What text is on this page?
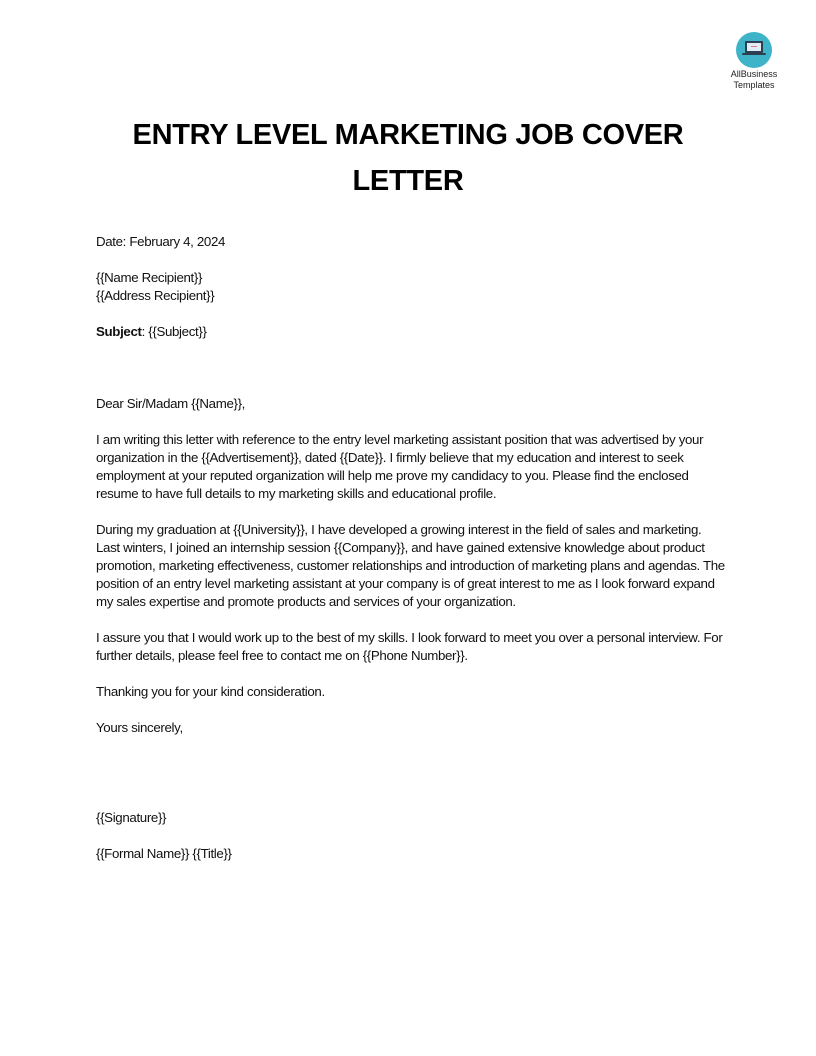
AllBusiness
Templates
ENTRY LEVEL MARKETING JOB COVER
LETTER

Date: February 4, 2024

{{Name Recipient}}

{{Address Recipient}}

Subject: {{Subject}}

Dear Sir/Madam {{Name}},

I am writing this letter with reference to the entry level marketing assistant position that was advertised by your organization in the {{Advertisement}}, dated {{Date}}. I firmly believe that my education and interest to seek employment at your reputed organization will help me prove my candidacy to you. Please find the enclosed resume to have full details to my marketing skills and educational profile.

During my graduation at {{University}}, I have developed a growing interest in the field of sales and marketing. Last winters, I joined an internship session {{Company}}, and have gained extensive knowledge about product promotion, marketing effectiveness, customer relationships and introduction of marketing plans and agendas. The position of an entry level marketing assistant at your company is of great interest to me as I look forward expand my sales expertise and promote products and services of your organization.

I assure you that I would work up to the best of my skills. I look forward to meet you over a personal interview. For further details, please feel free to contact me on {{Phone Number}}.

Thanking you for your kind consideration.

Yours sincerely,

{{Signature}}

{{Formal Name}} {{Title}}
